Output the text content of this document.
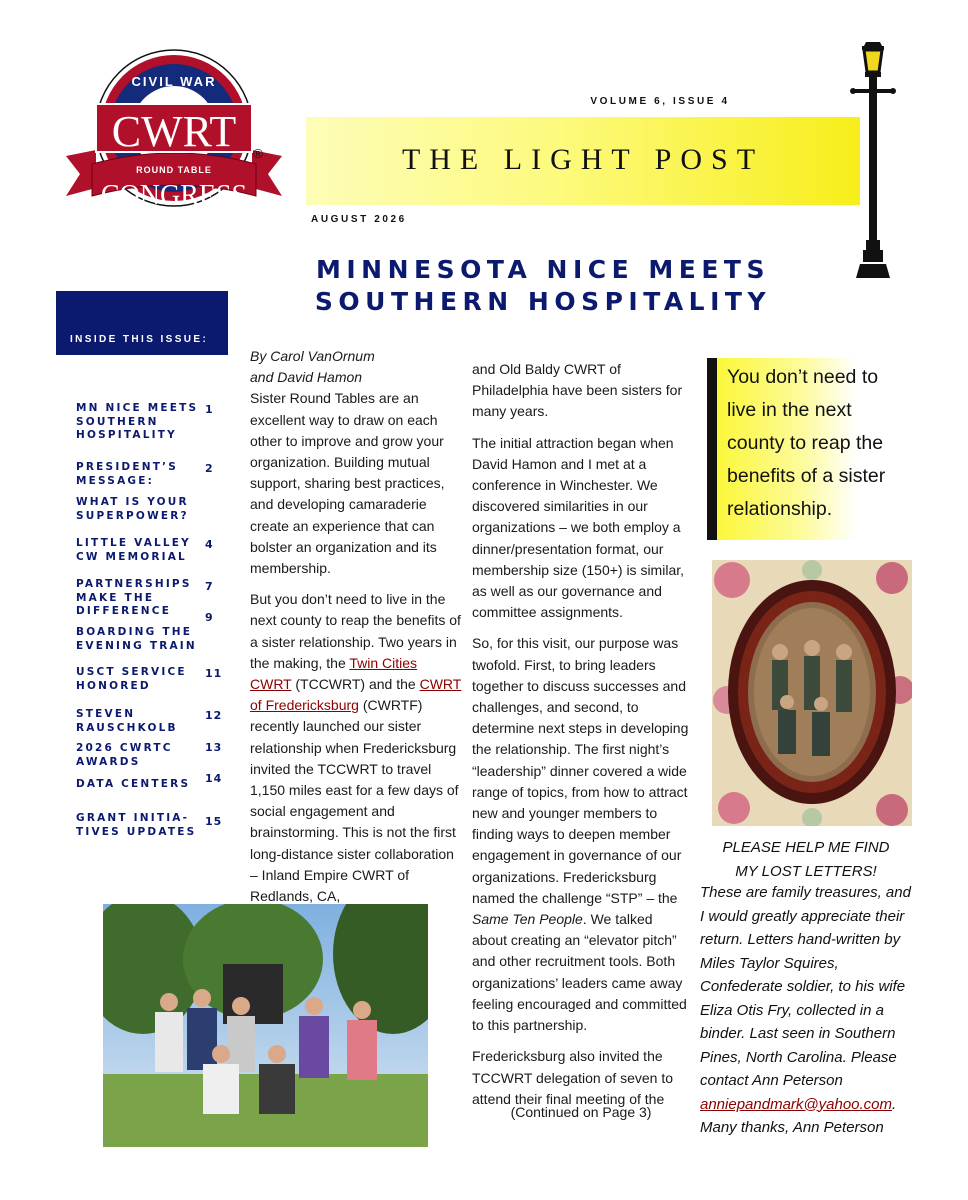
CIVIL WAR
CWRT
ROUND TABLE
CONGRESS
®
VOLUME 6, ISSUE 4
THE LIGHT POST
AUGUST 2026
MINNESOTA NICE MEETS
SOUTHERN HOSPITALITY
INSIDE THIS ISSUE:
MN NICE MEETS SOUTHERN HOSPITALITY
1
PRESIDENT’S MESSAGE:
2
WHAT IS YOUR SUPERPOWER?
LITTLE VALLEY CW MEMORIAL
4
PARTNERSHIPS MAKE THE DIFFERENCE
7
BOARDING THE EVENING TRAIN
9
USCT SERVICE HONORED
11
STEVEN RAUSCHKOLB
12
2026 CWRTC AWARDS
13
DATA CENTERS	14
GRANT INITIA-TIVES UPDATES
15
By Carol VanOrnum
and David Hamon

Sister Round Tables are an excellent way to draw on each other to improve and grow your organization. Building mutual support, sharing best practices, and developing camaraderie create an experience that can bolster an organization and its membership.

But you don’t need to live in the next county to reap the benefits of a sister relationship. Two years in the making, the Twin Cities CWRT (TCCWRT) and the CWRT of Fredericksburg (CWRTF) recently launched our sister relationship when Fredericksburg invited the TCCWRT to travel 1,150 miles east for a few days of social engagement and brainstorming. This is not the first long-distance sister collaboration – Inland Empire CWRT of Redlands, CA,

and Old Baldy CWRT of Philadelphia have been sisters for many years.

The initial attraction began when David Hamon and I met at a conference in Winchester. We discovered similarities in our organizations – we both employ a dinner/presentation format, our membership size (150+) is similar, as well as our governance and committee assignments.

So, for this visit, our purpose was twofold. First, to bring leaders together to discuss successes and challenges, and second, to determine next steps in developing the relationship. The first night’s “leadership” dinner covered a wide range of topics, from how to attract new and younger members to finding ways to deepen member engagement in governance of our organizations. Fredericksburg named the challenge “STP” – the Same Ten People. We talked about creating an “elevator pitch” and other recruitment tools. Both organizations’ leaders came away feeling encouraged and committed to this partnership.

Fredericksburg also invited the TCCWRT delegation of seven to attend their final meeting of the

(Continued on Page 3)
You don’t need to live in the next county to reap the benefits of a sister relationship.
PLEASE HELP ME FIND
MY LOST LETTERS!
These are family treasures, and I would greatly appreciate their return. Letters hand-written by Miles Taylor Squires, Confederate soldier, to his wife Eliza Otis Fry, collected in a binder. Last seen in Southern Pines, North Carolina. Please contact Ann Peterson anniepandmark@yahoo.com. Many thanks, Ann Peterson
